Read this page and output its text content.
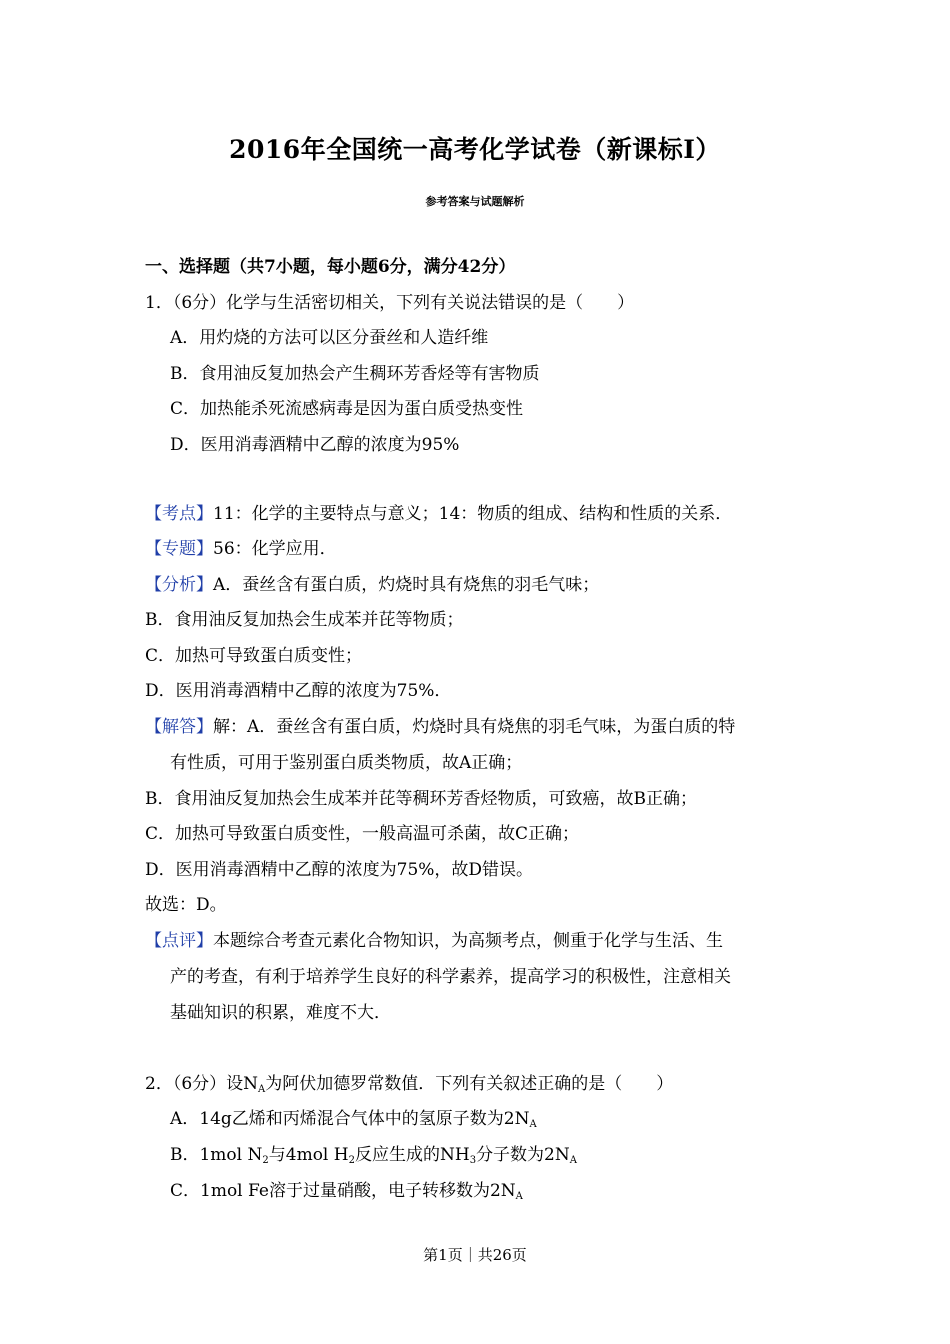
2016年全国统一高考化学试卷（新课标Ⅰ）
参考答案与试题解析
一、选择题（共7小题，每小题6分，满分42分）
1．（6分）化学与生活密切相关，下列有关说法错误的是（　　）
A．用灼烧的方法可以区分蚕丝和人造纤维
B．食用油反复加热会产生稠环芳香烃等有害物质
C．加热能杀死流感病毒是因为蛋白质受热变性
D．医用消毒酒精中乙醇的浓度为95%
【考点】11：化学的主要特点与意义；14：物质的组成、结构和性质的关系．
【专题】56：化学应用．
【分析】A．蚕丝含有蛋白质，灼烧时具有烧焦的羽毛气味；
B．食用油反复加热会生成苯并芘等物质；
C．加热可导致蛋白质变性；
D．医用消毒酒精中乙醇的浓度为75%．
【解答】解：A．蚕丝含有蛋白质，灼烧时具有烧焦的羽毛气味，为蛋白质的特
有性质，可用于鉴别蛋白质类物质，故A正确；
B．食用油反复加热会生成苯并芘等稠环芳香烃物质，可致癌，故B正确；
C．加热可导致蛋白质变性，一般高温可杀菌，故C正确；
D．医用消毒酒精中乙醇的浓度为75%，故D错误。
故选：D。
【点评】本题综合考查元素化合物知识，为高频考点，侧重于化学与生活、生
产的考查，有利于培养学生良好的科学素养，提高学习的积极性，注意相关
基础知识的积累，难度不大．
2．（6分）设$N_A$为阿伏加德罗常数值．下列有关叙述正确的是（　　）
A．14g乙烯和丙烯混合气体中的氢原子数为$2N_A$
B．1mol $N_2$与4mol $H_2$反应生成的$NH_3$分子数为$2N_A$
C．1mol Fe溶于过量硝酸，电子转移数为$2N_A$
第1页｜共26页
